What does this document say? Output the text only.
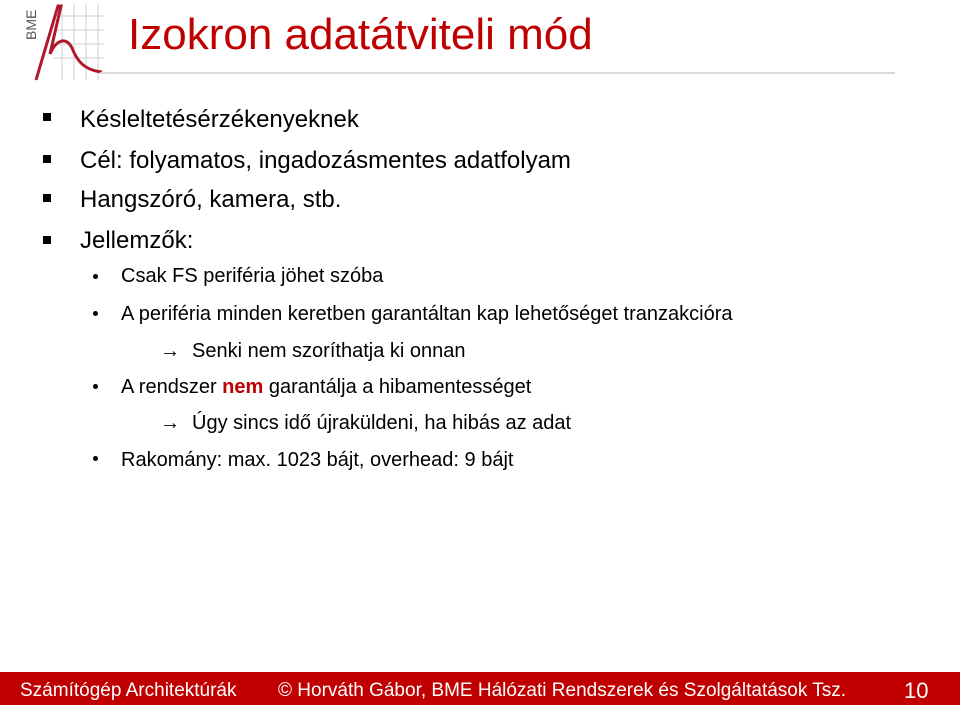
BME Izokron adatátviteli mód
Késleltetésérzékenyeknek
Cél: folyamatos, ingadozásmentes adatfolyam
Hangszóró, kamera, stb.
Jellemzők:
Csak FS periféria jöhet szóba
A periféria minden keretben garantáltan kap lehetőséget tranzakcióra
→ Senki nem szoríthatja ki onnan
A rendszer nem garantálja a hibamentességet
→ Úgy sincs idő újraküldeni, ha hibás az adat
Rakomány: max. 1023 bájt, overhead: 9 bájt
Számítógép Architektúrák © Horváth Gábor, BME Hálózati Rendszerek és Szolgáltatások Tsz.	10
